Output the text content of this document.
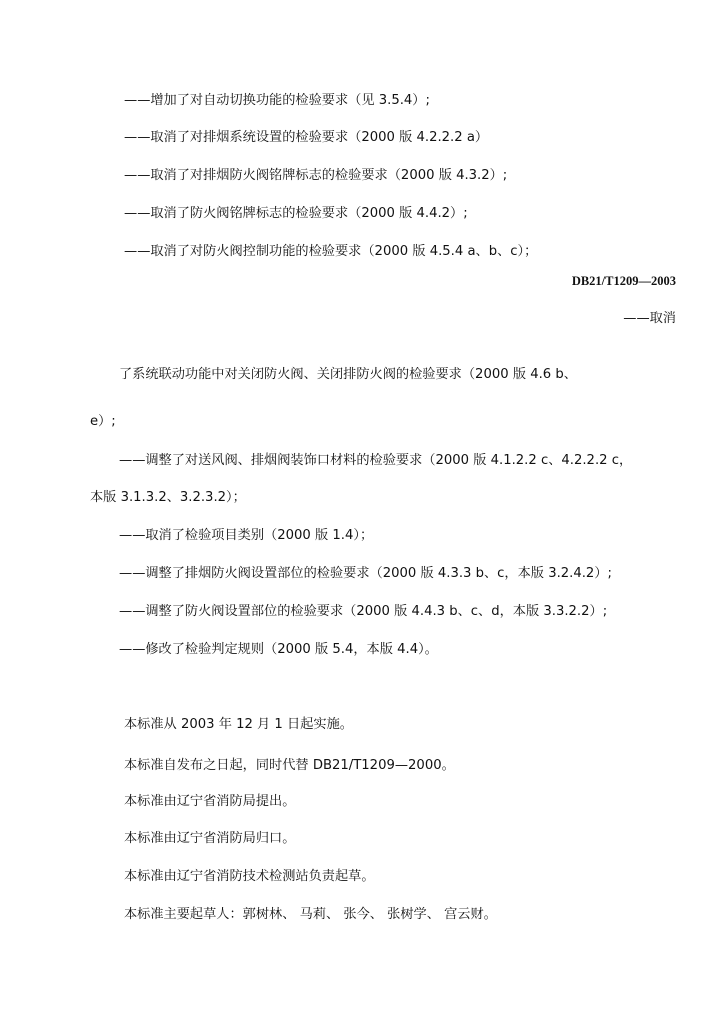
——增加了对自动切换功能的检验要求（见 3.5.4）;
——取消了对排烟系统设置的检验要求（2000 版 4.2.2.2 a）
——取消了对排烟防火阀铭牌标志的检验要求（2000 版 4.3.2）;
——取消了防火阀铭牌标志的检验要求（2000 版 4.4.2）;
——取消了对防火阀控制功能的检验要求（2000 版 4.5.4 a、b、c）；
DB21/T1209—2003
——取消
了系统联动功能中对关闭防火阀、关闭排防火阀的检验要求（2000 版 4.6 b、
e）;
——调整了对送风阀、排烟阀装饰口材料的检验要求（2000 版 4.1.2.2 c、4.2.2.2 c，
本版 3.1.3.2、3.2.3.2）；
——取消了检验项目类别（2000 版 1.4）；
——调整了排烟防火阀设置部位的检验要求（2000 版 4.3.3 b、c，本版 3.2.4.2）;
——调整了防火阀设置部位的检验要求（2000 版 4.4.3 b、c、d，本版 3.3.2.2）;
——修改了检验判定规则（2000 版 5.4，本版 4.4）。
本标准从 2003 年 12 月 1 日起实施。
本标准自发布之日起，同时代替 DB21/T1209—2000。
本标准由辽宁省消防局提出。
本标准由辽宁省消防局归口。
本标准由辽宁省消防技术检测站负责起草。
本标准主要起草人：郭树林、 马莉、 张今、 张树学、 宫云财。
